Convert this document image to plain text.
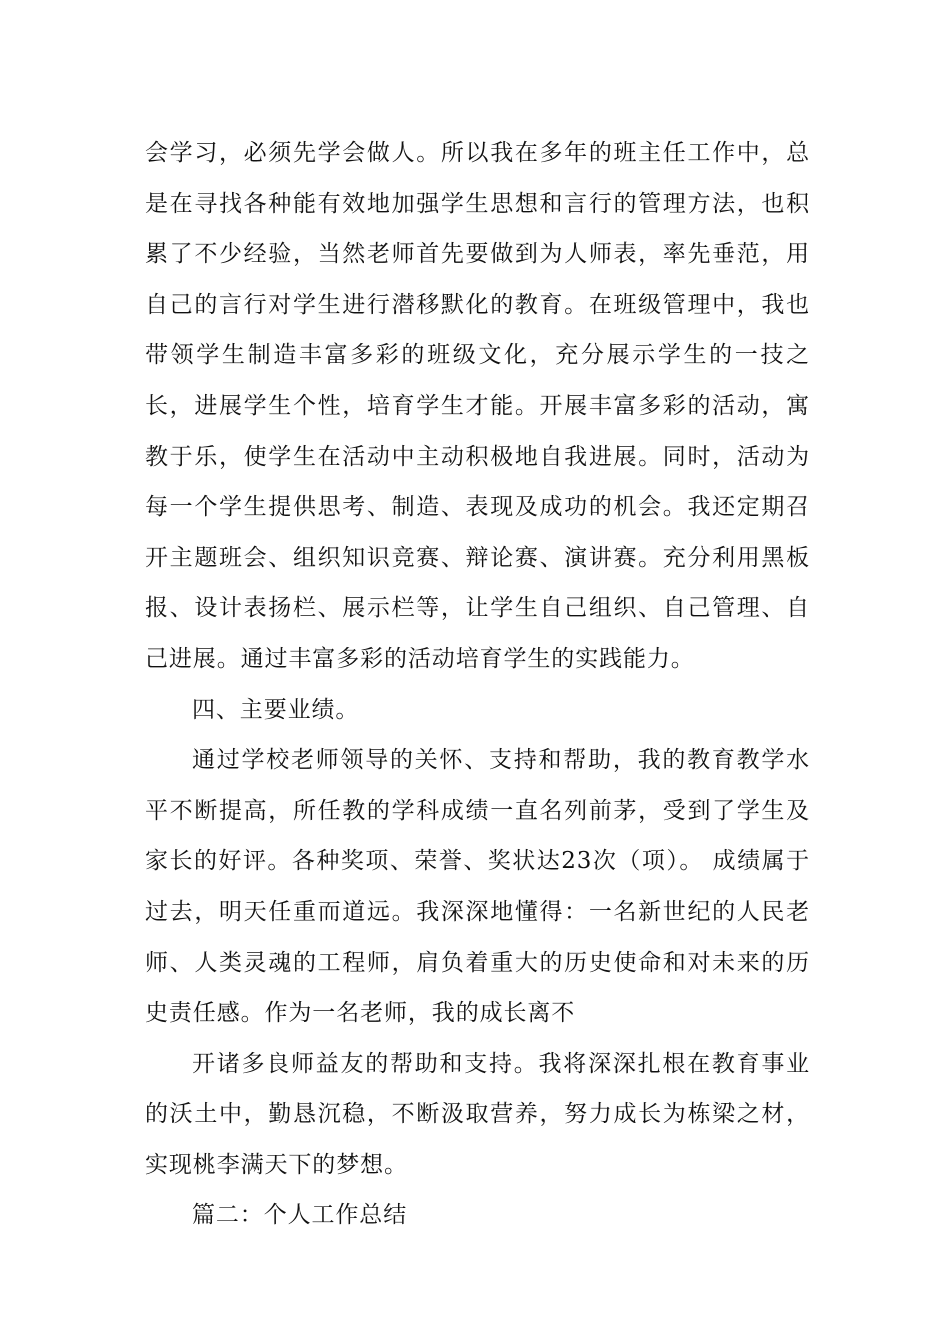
会学习，必须先学会做人。所以我在多年的班主任工作中，总是在寻找各种能有效地加强学生思想和言行的管理方法，也积累了不少经验，当然老师首先要做到为人师表，率先垂范，用自己的言行对学生进行潜移默化的教育。在班级管理中，我也带领学生制造丰富多彩的班级文化，充分展示学生的一技之长，进展学生个性，培育学生才能。开展丰富多彩的活动，寓教于乐，使学生在活动中主动积极地自我进展。同时，活动为每一个学生提供思考、制造、表现及成功的机会。我还定期召开主题班会、组织知识竞赛、辩论赛、演讲赛。充分利用黑板报、设计表扬栏、展示栏等，让学生自己组织、自己管理、自己进展。通过丰富多彩的活动培育学生的实践能力。

四、主要业绩。

通过学校老师领导的关怀、支持和帮助，我的教育教学水平不断提高，所任教的学科成绩一直名列前茅，受到了学生及家长的好评。各种奖项、荣誉、奖状达23次（项）。 成绩属于过去，明天任重而道远。我深深地懂得：一名新世纪的人民老师、人类灵魂的工程师，肩负着重大的历史使命和对未来的历史责任感。作为一名老师，我的成长离不

开诸多良师益友的帮助和支持。我将深深扎根在教育事业的沃土中，勤恳沉稳，不断汲取营养，努力成长为栋梁之材，实现桃李满天下的梦想。

篇二：个人工作总结
